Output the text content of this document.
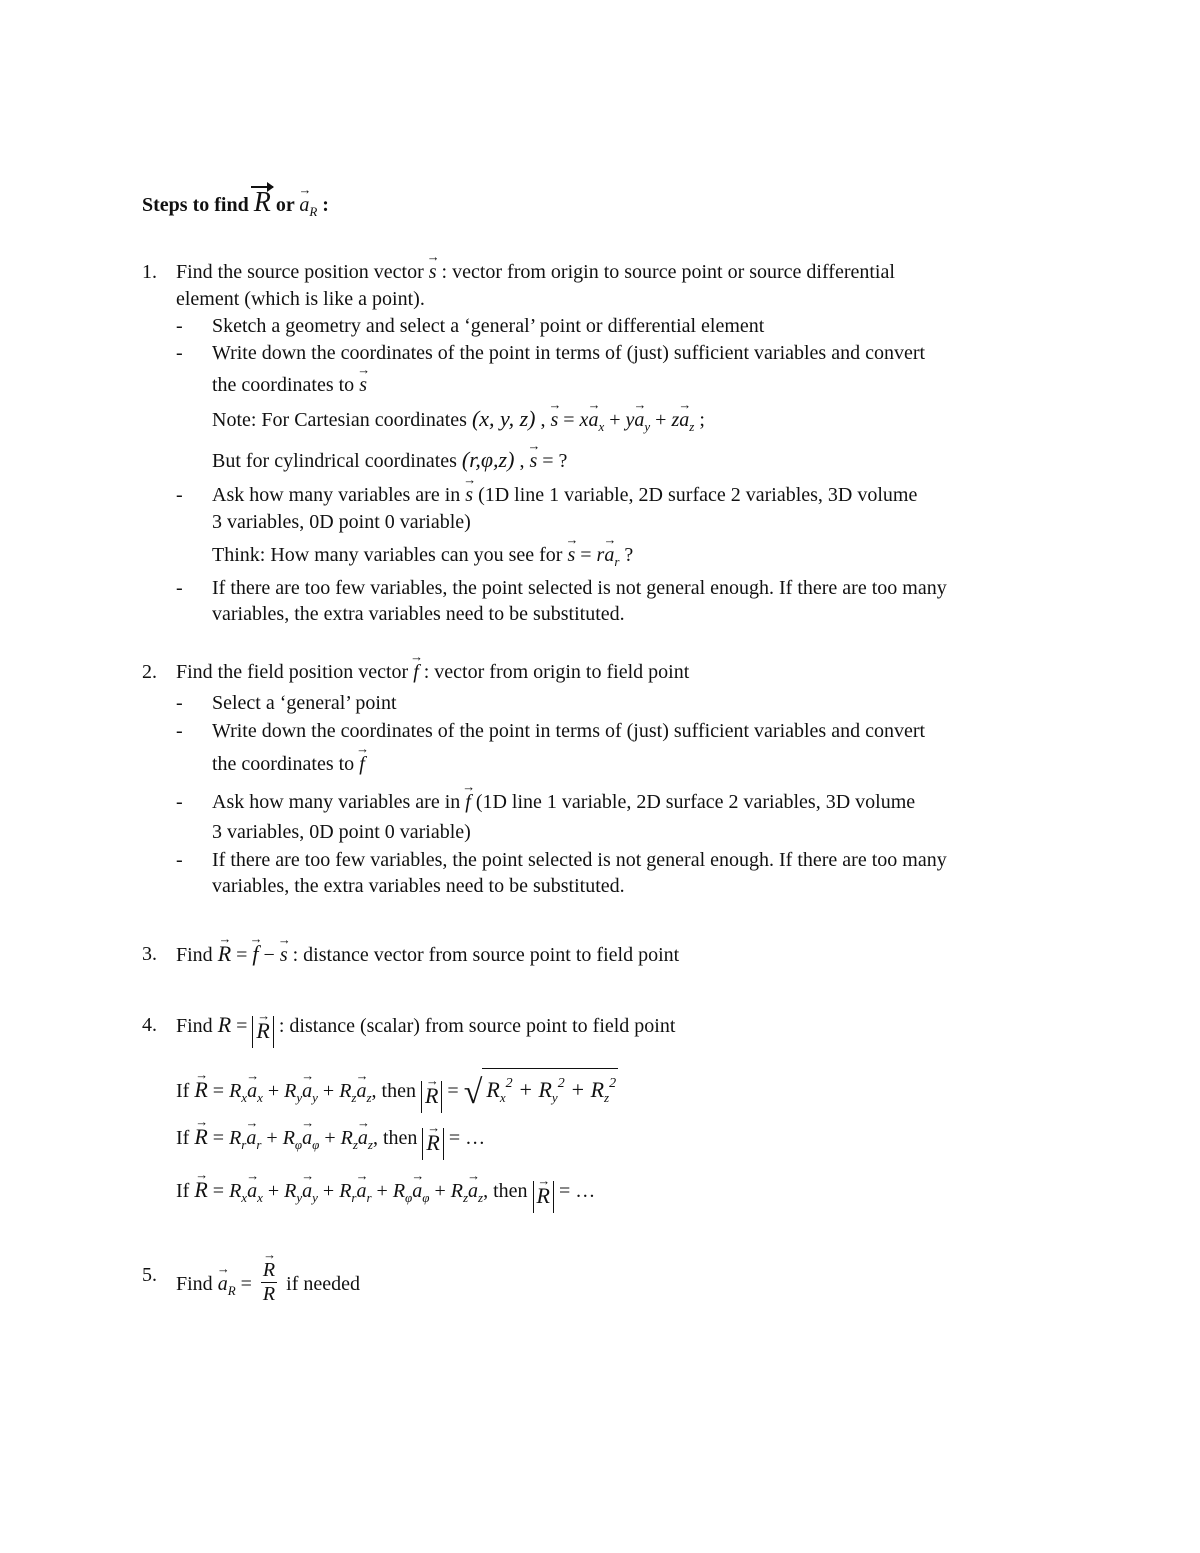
Steps to find R or → $a_R$ :
1. Find the source position vector → s : vector from origin to source point or source differential
element (which is like a point).
- Sketch a geometry and select a ‘general’ point or differential element
- Write down the coordinates of the point in terms of (just) sufficient variables and convert
the coordinates to → s
Note: For Cartesian coordinates (x, y, z) , → $s = x\to a_x + y\to a_y + z\to a_z$ ;
But for cylindrical coordinates (r,φ,z) , → s = ?
- Ask how many variables are in → s (1D line 1 variable, 2D surface 2 variables, 3D volume
3 variables, 0D point 0 variable)
Think: How many variables can you see for → $s = r\to a_r$ ?
- If there are too few variables, the point selected is not general enough. If there are too many
variables, the extra variables need to be substituted.
2. Find the field position vector → f : vector from origin to field point
- Select a ‘general’ point
- Write down the coordinates of the point in terms of (just) sufficient variables and convert
the coordinates to → f
- Ask how many variables are in → f (1D line 1 variable, 2D surface 2 variables, 3D volume
3 variables, 0D point 0 variable)
- If there are too few variables, the point selected is not general enough. If there are too many
variables, the extra variables need to be substituted.
3. Find → R = → f − → s : distance vector from source point to field point
4. Find R = → R : distance (scalar) from source point to field point
$If \to R = R_x\to a_x + R_y\to a_y + R_z\to a_z$, then → R = √ $R_x^2 + R_y^2 + R_z^2$
$If \to R = R_r\to a_r + R_\varphi\to a_\varphi + R_z\to a_z$, then → R = …
$If \to R = R_x\to a_x + R_y\to a_y + R_r\to a_r + R_\varphi\to a_\varphi + R_z\to a_z$, then → R = …
5. Find → $a_R$ = → $\frac{R}{R}$ if needed
